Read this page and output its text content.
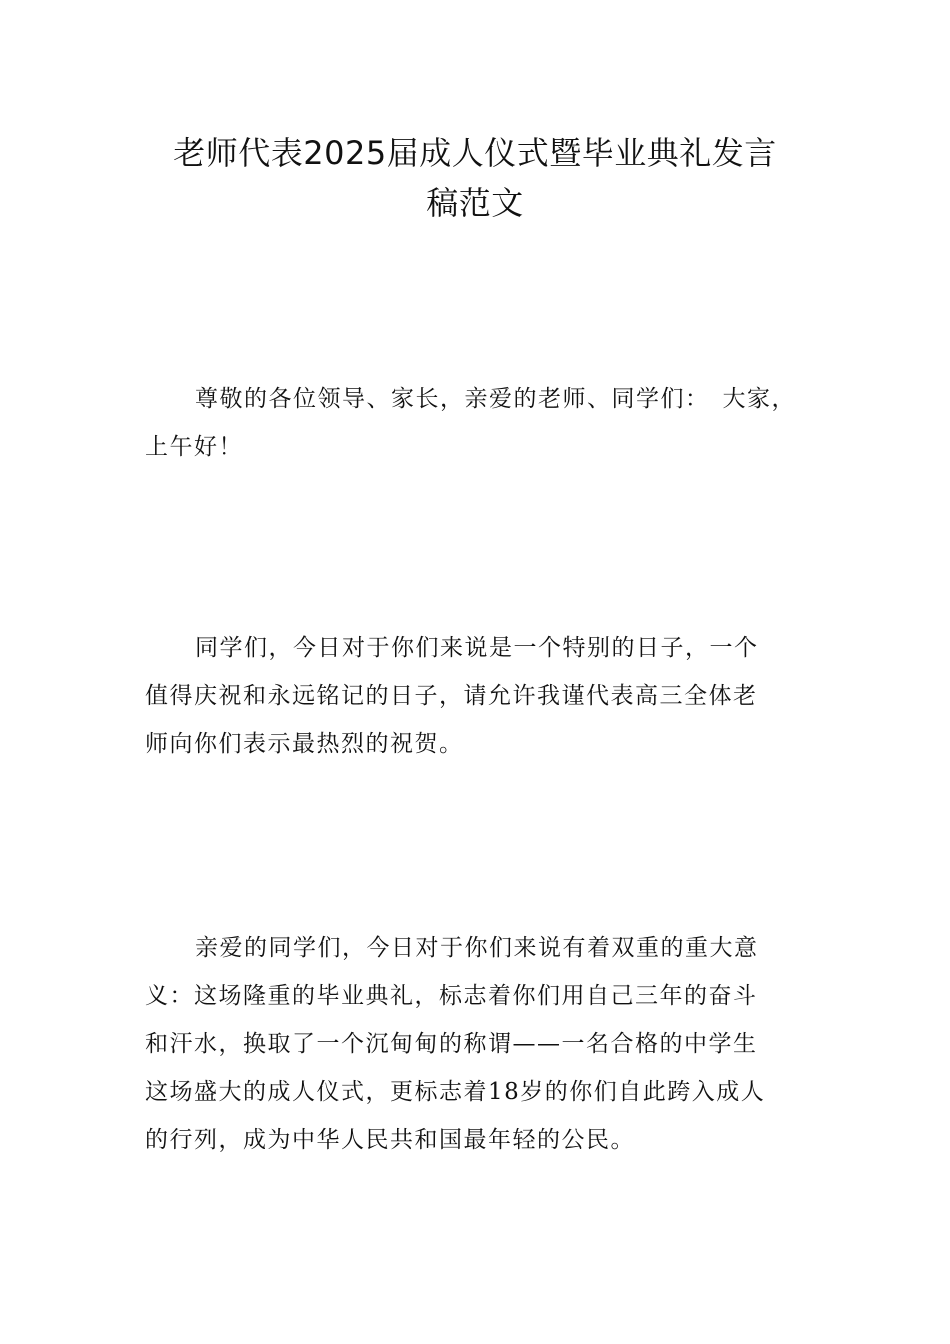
老师代表2025届成人仪式暨毕业典礼发言
稿范文
尊敬的各位领导、家长，亲爱的老师、同学们：　大家，
上午好！
同学们，今日对于你们来说是一个特别的日子，一个
值得庆祝和永远铭记的日子，请允许我谨代表高三全体老
师向你们表示最热烈的祝贺。
亲爱的同学们，今日对于你们来说有着双重的重大意
义：这场隆重的毕业典礼，标志着你们用自己三年的奋斗
和汗水，换取了一个沉甸甸的称谓——一名合格的中学生
这场盛大的成人仪式，更标志着18岁的你们自此跨入成人
的行列，成为中华人民共和国最年轻的公民。
